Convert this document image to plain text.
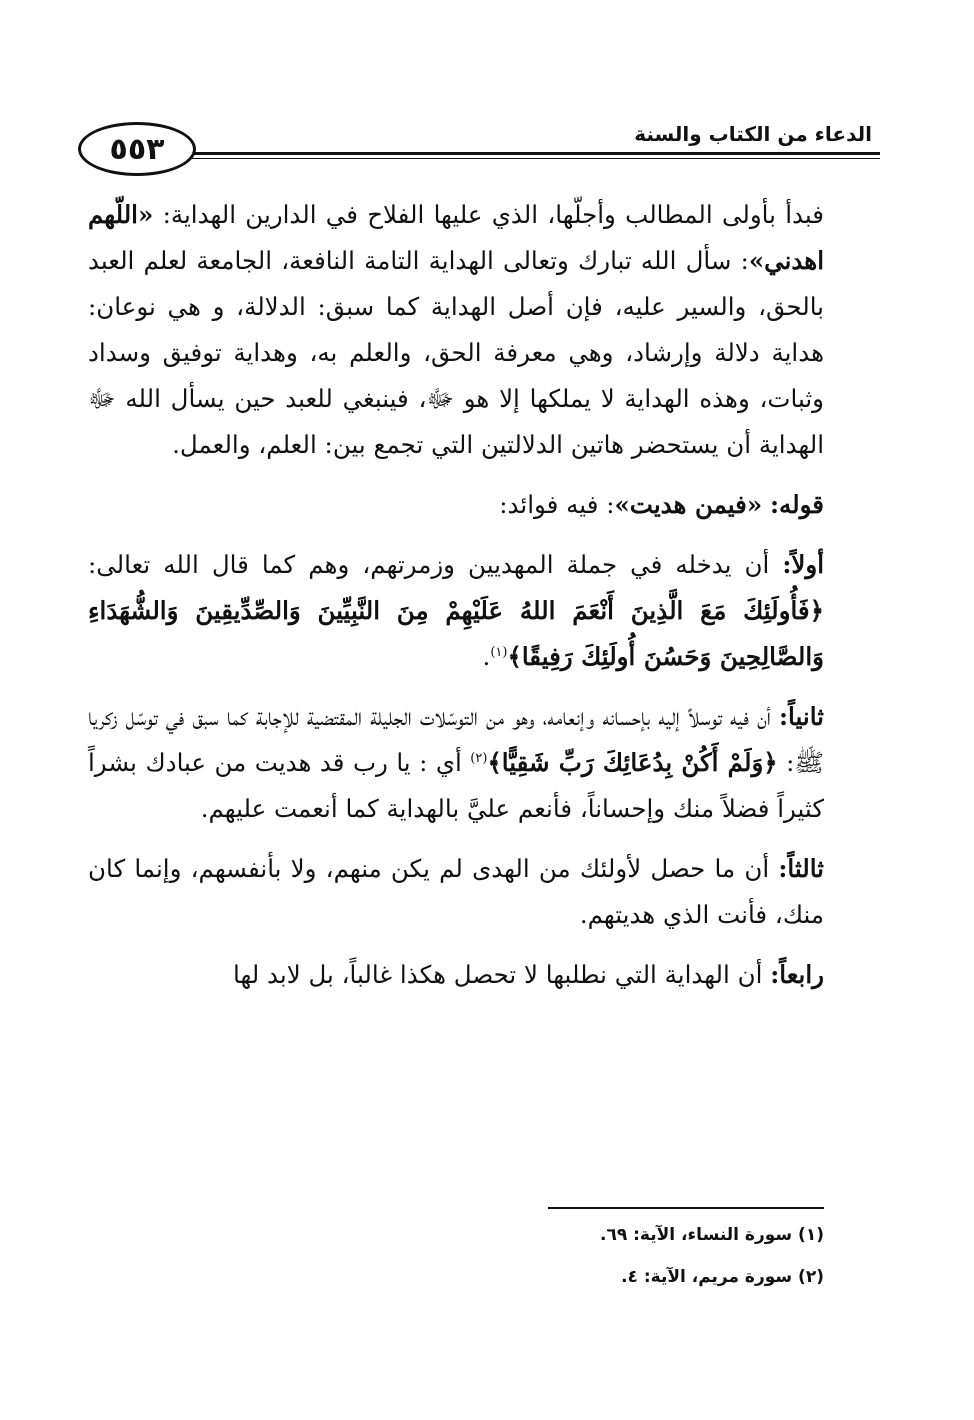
٥٥٣	الدعاء من الكتاب والسنة

فبدأ بأولى المطالب وأجلّها، الذي عليها الفلاح في الدارين الهداية: «اللّهم اهدني»: سأل الله تبارك وتعالى الهداية التامة النافعة، الجامعة لعلم العبد بالحق، والسير عليه، فإن أصل الهداية كما سبق: الدلالة، و هي نوعان: هداية دلالة وإرشاد، وهي معرفة الحق، والعلم به، وهداية توفيق وسداد وثبات، وهذه الهداية لا يملكها إلا هو ﷻ، فينبغي للعبد حين يسأل الله ﷻ الهداية أن يستحضر هاتين الدلالتين التي تجمع بين: العلم، والعمل.

قوله: «فيمن هديت»: فيه فوائد:

أولاً: أن يدخله في جملة المهديين وزمرتهم، وهم كما قال الله تعالى: ﴿فَأُولَئِكَ مَعَ الَّذِينَ أَنْعَمَ اللهُ عَلَيْهِمْ مِنَ النَّبِيِّينَ وَالصِّدِّيقِينَ وَالشُّهَدَاءِ وَالصَّالِحِينَ وَحَسُنَ أُولَئِكَ رَفِيقًا﴾$^{(١)}$.

ثانياً: أن فيه توسلاً إليه بإحسانه وإنعامه، وهو من التوسّلات الجليلة المقتضية للإجابة كما سبق في توسّل زكريا ﷺ: ﴿وَلَمْ أَكُنْ بِدُعَائِكَ رَبِّ شَقِيًّا﴾$^{(٢)}$ أي : يا رب قد هديت من عبادك بشراً كثيراً فضلاً منك وإحساناً، فأنعم عليَّ بالهداية كما أنعمت عليهم.

ثالثاً: أن ما حصل لأولئك من الهدى لم يكن منهم، ولا بأنفسهم، وإنما كان منك، فأنت الذي هديتهم.

رابعاً: أن الهداية التي نطلبها لا تحصل هكذا غالباً، بل لابد لها

(١) سورة النساء، الآية: ٦٩.
(٢) سورة مريم، الآية: ٤.
